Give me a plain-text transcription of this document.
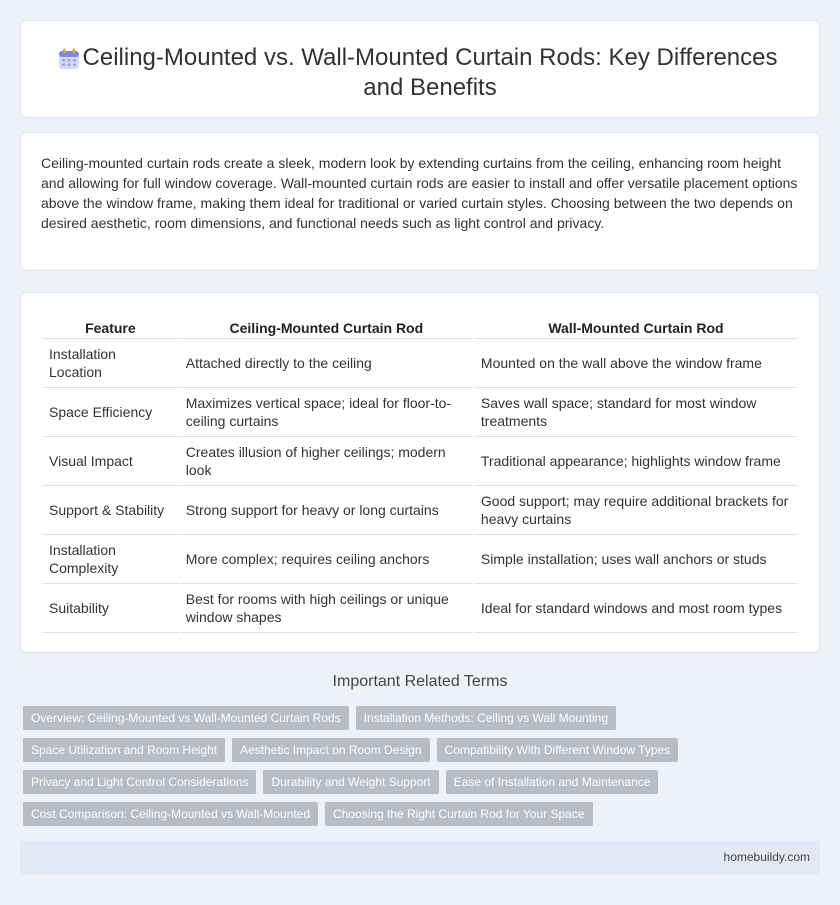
Ceiling-Mounted vs. Wall-Mounted Curtain Rods: Key Differences and Benefits

Ceiling-mounted curtain rods create a sleek, modern look by extending curtains from the ceiling, enhancing room height and allowing for full window coverage. Wall-mounted curtain rods are easier to install and offer versatile placement options above the window frame, making them ideal for traditional or varied curtain styles. Choosing between the two depends on desired aesthetic, room dimensions, and functional needs such as light control and privacy.

Feature	Ceiling-Mounted Curtain Rod	Wall-Mounted Curtain Rod
Installation Location	Attached directly to the ceiling	Mounted on the wall above the window frame
Space Efficiency	Maximizes vertical space; ideal for floor-to-ceiling curtains	Saves wall space; standard for most window treatments
Visual Impact	Creates illusion of higher ceilings; modern look	Traditional appearance; highlights window frame
Support & Stability	Strong support for heavy or long curtains	Good support; may require additional brackets for heavy curtains
Installation Complexity	More complex; requires ceiling anchors	Simple installation; uses wall anchors or studs
Suitability	Best for rooms with high ceilings or unique window shapes	Ideal for standard windows and most room types
Important Related Terms
Overview: Ceiling-Mounted vs Wall-Mounted Curtain Rods	Installation Methods: Ceiling vs Wall Mounting
Space Utilization and Room Height	Aesthetic Impact on Room Design	Compatibility With Different Window Types
Privacy and Light Control Considerations	Durability and Weight Support	Ease of Installation and Maintenance
Cost Comparison: Ceiling-Mounted vs Wall-Mounted	Choosing the Right Curtain Rod for Your Space
homebuildy.com
